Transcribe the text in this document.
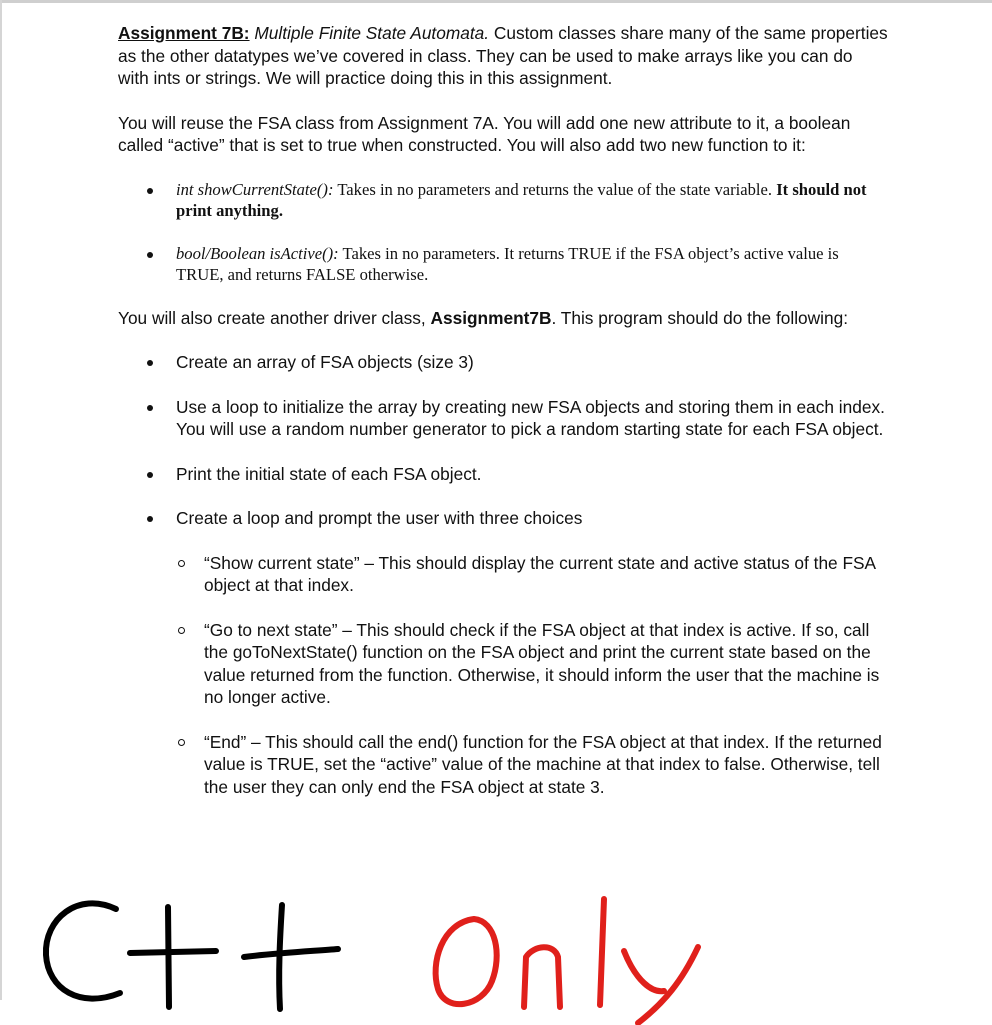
Assignment 7B: Multiple Finite State Automata. Custom classes share many of the same properties as the other datatypes we’ve covered in class. They can be used to make arrays like you can do with ints or strings. We will practice doing this in this assignment.

You will reuse the FSA class from Assignment 7A. You will add one new attribute to it, a boolean called “active” that is set to true when constructed. You will also add two new function to it:

int showCurrentState(): Takes in no parameters and returns the value of the state variable. It should not print anything.
bool/Boolean isActive(): Takes in no parameters. It returns TRUE if the FSA object’s active value is TRUE, and returns FALSE otherwise.

You will also create another driver class, Assignment7B. This program should do the following:

Create an array of FSA objects (size 3)
Use a loop to initialize the array by creating new FSA objects and storing them in each index. You will use a random number generator to pick a random starting state for each FSA object.
Print the initial state of each FSA object.
Create a loop and prompt the user with three choices
“Show current state” – This should display the current state and active status of the FSA object at that index.
“Go to next state” – This should check if the FSA object at that index is active. If so, call the goToNextState() function on the FSA object and print the current state based on the value returned from the function. Otherwise, it should inform the user that the machine is no longer active.
“End” – This should call the end() function for the FSA object at that index. If the returned value is TRUE, set the “active” value of the machine at that index to false. Otherwise, tell the user they can only end the FSA object at state 3.
C++	Only
